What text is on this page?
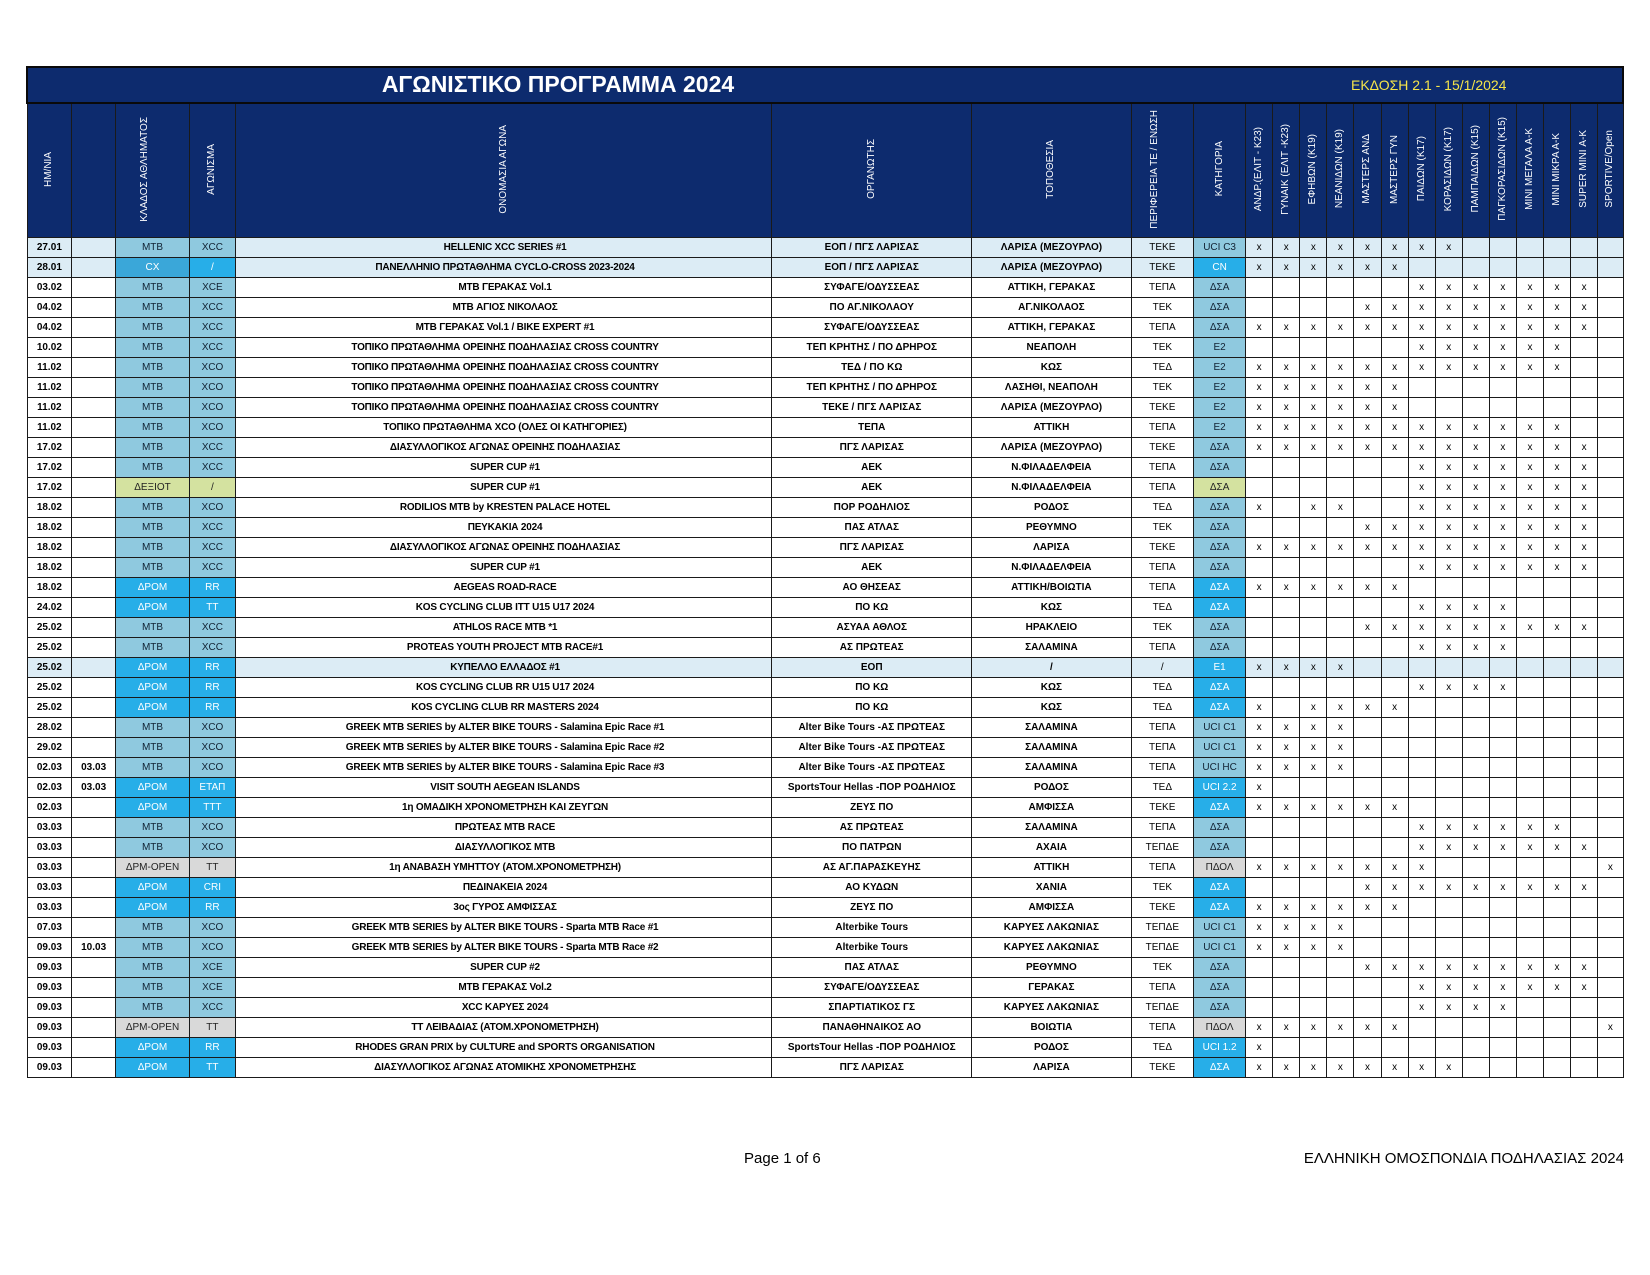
ΑΓΩΝΙΣΤΙΚΟ ΠΡΟΓΡΑΜΜΑ 2024 ΕΚΔΟΣΗ 2.1 - 15/1/2024																						

ΗΜ/ΝΙΑ		ΚΛΑΔΟΣ ΑΘΛΗΜΑΤΟΣ	ΑΓΩΝΙΣΜΑ	ΟΝΟΜΑΣΙΑ ΑΓΩΝΑ	ΟΡΓΑΝΩΤΗΣ	ΤΟΠΟΘΕΣΙΑ	ΠΕΡΙΦΕΡΕΙΑ ΤΕ / ΕΝΩΣΗ	ΚΑΤΗΓΟΡΙΑ	ΑΝΔΡ.(ΕΛΙΤ - Κ23)	ΓΥΝΑΙΚ (ΕΛΙΤ -Κ23)	ΕΦΗΒΩΝ (Κ19)	ΝΕΑΝΙΔΩΝ (Κ19)	ΜΑΣΤΕΡΣ ΑΝΔ	ΜΑΣΤΕΡΣ ΓΥΝ	ΠΑΙΔΩΝ (Κ17)	ΚΟΡΑΣΙΔΩΝ (Κ17)	ΠΑΜΠΑΙΔΩΝ (Κ15)	ΠΑΓΚΟΡΑΣΙΔΩΝ (Κ15)	ΜΙΝΙ ΜΕΓΑΛΑ Α-Κ	ΜΙΝΙ ΜΙΚΡΑ Α-Κ	SUPER MINI Α-Κ	SPORTIVE/Open
27.01		MTB	XCC	HELLENIC XCC SERIES #1	ΕΟΠ / ΠΓΣ ΛΑΡΙΣΑΣ	ΛΑΡΙΣΑ (ΜΕΖΟΥΡΛΟ)	ΤΕΚΕ	UCI C3	x	x	x	x	x	x	x	x						
28.01		CX	/	ΠΑΝΕΛΛΗΝΙΟ ΠΡΩΤΑΘΛΗΜΑ CYCLO-CROSS 2023-2024	ΕΟΠ / ΠΓΣ ΛΑΡΙΣΑΣ	ΛΑΡΙΣΑ (ΜΕΖΟΥΡΛΟ)	ΤΕΚΕ	CN	x	x	x	x	x	x								
03.02		MTB	XCE	MTB ΓΕΡΑΚΑΣ Vol.1	ΣΥΦΑΓΕ/ΟΔΥΣΣΕΑΣ	ΑΤΤΙΚΗ, ΓΕΡΑΚΑΣ	ΤΕΠΑ	ΔΣΑ							x	x	x	x	x	x	x	
04.02		MTB	XCC	MTB ΑΓΙΟΣ ΝΙΚΟΛΑΟΣ	ΠΟ ΑΓ.ΝΙΚΟΛΑΟΥ	ΑΓ.ΝΙΚΟΛΑΟΣ	ΤΕΚ	ΔΣΑ					x	x	x	x	x	x	x	x	x	
04.02		MTB	XCC	MTB ΓΕΡΑΚΑΣ Vol.1 / BIKE EXPERT #1	ΣΥΦΑΓΕ/ΟΔΥΣΣΕΑΣ	ΑΤΤΙΚΗ, ΓΕΡΑΚΑΣ	ΤΕΠΑ	ΔΣΑ	x	x	x	x	x	x	x	x	x	x	x	x	x	
10.02		MTB	XCC	ΤΟΠΙΚΟ ΠΡΩΤΑΘΛΗΜΑ ΟΡΕΙΝΗΣ ΠΟΔΗΛΑΣΙΑΣ CROSS COUNTRY	ΤΕΠ ΚΡΗΤΗΣ / ΠΟ ΔΡΗΡΟΣ	ΝΕΑΠΟΛΗ	ΤΕΚ	Ε2							x	x	x	x	x	x		
11.02		MTB	XCO	ΤΟΠΙΚΟ ΠΡΩΤΑΘΛΗΜΑ ΟΡΕΙΝΗΣ ΠΟΔΗΛΑΣΙΑΣ CROSS COUNTRY	ΤΕΔ / ΠΟ ΚΩ	ΚΩΣ	ΤΕΔ	Ε2	x	x	x	x	x	x	x	x	x	x	x	x		
11.02		MTB	XCO	ΤΟΠΙΚΟ ΠΡΩΤΑΘΛΗΜΑ ΟΡΕΙΝΗΣ ΠΟΔΗΛΑΣΙΑΣ CROSS COUNTRY	ΤΕΠ ΚΡΗΤΗΣ / ΠΟ ΔΡΗΡΟΣ	ΛΑΣΗΘΙ, ΝΕΑΠΟΛΗ	ΤΕΚ	Ε2	x	x	x	x	x	x								
11.02		MTB	XCO	ΤΟΠΙΚΟ ΠΡΩΤΑΘΛΗΜΑ ΟΡΕΙΝΗΣ ΠΟΔΗΛΑΣΙΑΣ CROSS COUNTRY	ΤΕΚΕ / ΠΓΣ ΛΑΡΙΣΑΣ	ΛΑΡΙΣΑ (ΜΕΖΟΥΡΛΟ)	ΤΕΚΕ	Ε2	x	x	x	x	x	x								
11.02		MTB	XCO	ΤΟΠΙΚΟ ΠΡΩΤΑΘΛΗΜΑ XCO (ΟΛΕΣ ΟΙ ΚΑΤΗΓΟΡΙΕΣ)	ΤΕΠΑ	ΑΤΤΙΚΗ	ΤΕΠΑ	Ε2	x	x	x	x	x	x	x	x	x	x	x	x		
17.02		MTB	XCC	ΔΙΑΣΥΛΛΟΓΙΚΟΣ ΑΓΩΝΑΣ ΟΡΕΙΝΗΣ ΠΟΔΗΛΑΣΙΑΣ	ΠΓΣ ΛΑΡΙΣΑΣ	ΛΑΡΙΣΑ (ΜΕΖΟΥΡΛΟ)	ΤΕΚΕ	ΔΣΑ	x	x	x	x	x	x	x	x	x	x	x	x	x	
17.02		MTB	XCC	SUPER CUP #1	ΑΕΚ	Ν.ΦΙΛΑΔΕΛΦΕΙΑ	ΤΕΠΑ	ΔΣΑ							x	x	x	x	x	x	x	
17.02		ΔΕΞΙΟΤ	/	SUPER CUP #1	ΑΕΚ	Ν.ΦΙΛΑΔΕΛΦΕΙΑ	ΤΕΠΑ	ΔΣΑ							x	x	x	x	x	x	x	
18.02		MTB	XCO	RODILIOS MTB by KRESTEN PALACE HOTEL	ΠΟΡ ΡΟΔΗΛΙΟΣ	ΡΟΔΟΣ	ΤΕΔ	ΔΣΑ	x		x	x			x	x	x	x	x	x	x	
18.02		MTB	XCC	ΠΕΥΚΑΚΙΑ 2024	ΠΑΣ ΑΤΛΑΣ	ΡΕΘΥΜΝΟ	ΤΕΚ	ΔΣΑ					x	x	x	x	x	x	x	x	x	
18.02		MTB	XCC	ΔΙΑΣΥΛΛΟΓΙΚΟΣ ΑΓΩΝΑΣ ΟΡΕΙΝΗΣ ΠΟΔΗΛΑΣΙΑΣ	ΠΓΣ ΛΑΡΙΣΑΣ	ΛΑΡΙΣΑ	ΤΕΚΕ	ΔΣΑ	x	x	x	x	x	x	x	x	x	x	x	x	x	
18.02		MTB	XCC	SUPER CUP #1	ΑΕΚ	Ν.ΦΙΛΑΔΕΛΦΕΙΑ	ΤΕΠΑ	ΔΣΑ							x	x	x	x	x	x	x	
18.02		ΔΡΟΜ	RR	AEGEAS ROAD-RACE	ΑΟ ΘΗΣΕΑΣ	ΑΤΤΙΚΗ/ΒΟΙΩΤΙΑ	ΤΕΠΑ	ΔΣΑ	x	x	x	x	x	x								
24.02		ΔΡΟΜ	TT	KOS CYCLING CLUB ITT U15 U17 2024	ΠΟ ΚΩ	ΚΩΣ	ΤΕΔ	ΔΣΑ							x	x	x	x				
25.02		MTB	XCC	ATHLOS RACE MTB *1	ΑΣΥΑΑ ΑΘΛΟΣ	ΗΡΑΚΛΕΙΟ	ΤΕΚ	ΔΣΑ					x	x	x	x	x	x	x	x	x	
25.02		MTB	XCC	PROTEAS YOUTH PROJECT MTB RACE#1	ΑΣ ΠΡΩΤΕΑΣ	ΣΑΛΑΜΙΝΑ	ΤΕΠΑ	ΔΣΑ							x	x	x	x				
25.02		ΔΡΟΜ	RR	ΚΥΠΕΛΛΟ ΕΛΛΑΔΟΣ #1	ΕΟΠ	/	/	Ε1	x	x	x	x										
25.02		ΔΡΟΜ	RR	KOS CYCLING CLUB RR U15 U17 2024	ΠΟ ΚΩ	ΚΩΣ	ΤΕΔ	ΔΣΑ							x	x	x	x				
25.02		ΔΡΟΜ	RR	KOS CYCLING CLUB RR MASTERS 2024	ΠΟ ΚΩ	ΚΩΣ	ΤΕΔ	ΔΣΑ	x		x	x	x	x								
28.02		MTB	XCO	GREEK MTB SERIES by ALTER BIKE TOURS - Salamina Epic Race #1	Alter Bike Tours -ΑΣ ΠΡΩΤΕΑΣ	ΣΑΛΑΜΙΝΑ	ΤΕΠΑ	UCI C1	x	x	x	x										
29.02		MTB	XCO	GREEK MTB SERIES by ALTER BIKE TOURS - Salamina Epic Race #2	Alter Bike Tours -ΑΣ ΠΡΩΤΕΑΣ	ΣΑΛΑΜΙΝΑ	ΤΕΠΑ	UCI C1	x	x	x	x										
02.03	03.03	MTB	XCO	GREEK MTB SERIES by ALTER BIKE TOURS - Salamina Epic Race #3	Alter Bike Tours -ΑΣ ΠΡΩΤΕΑΣ	ΣΑΛΑΜΙΝΑ	ΤΕΠΑ	UCI HC	x	x	x	x										
02.03	03.03	ΔΡΟΜ	ΕΤΑΠ	VISIT SOUTH AEGEAN ISLANDS	SportsTour Hellas -ΠΟΡ ΡΟΔΗΛΙΟΣ	ΡΟΔΟΣ	ΤΕΔ	UCI 2.2	x													
02.03		ΔΡΟΜ	TTT	1η ΟΜΑΔΙΚΗ ΧΡΟΝΟΜΕΤΡΗΣΗ ΚΑΙ ΖΕΥΓΩΝ	ΖΕΥΣ ΠΟ	ΑΜΦΙΣΣΑ	ΤΕΚΕ	ΔΣΑ	x	x	x	x	x	x								
03.03		MTB	XCO	ΠΡΩΤΕΑΣ MTB RACE	ΑΣ ΠΡΩΤΕΑΣ	ΣΑΛΑΜΙΝΑ	ΤΕΠΑ	ΔΣΑ							x	x	x	x	x	x		
03.03		MTB	XCO	ΔΙΑΣΥΛΛΟΓΙΚΟΣ MTB	ΠΟ ΠΑΤΡΩΝ	ΑΧΑΙΑ	ΤΕΠΔΕ	ΔΣΑ							x	x	x	x	x	x	x	
03.03		ΔΡΜ-OPEN	TT	1η ΑΝΑΒΑΣΗ ΥΜΗΤΤΟΥ (ΑΤΟΜ.ΧΡΟΝΟΜΕΤΡΗΣΗ)	ΑΣ ΑΓ.ΠΑΡΑΣΚΕΥΗΣ	ΑΤΤΙΚΗ	ΤΕΠΑ	ΠΔΟΛ	x	x	x	x	x	x	x							x
03.03		ΔΡΟΜ	CRI	ΠΕΔΙΝΑΚΕΙΑ 2024	ΑΟ ΚΥΔΩΝ	ΧΑΝΙΑ	ΤΕΚ	ΔΣΑ					x	x	x	x	x	x	x	x	x	
03.03		ΔΡΟΜ	RR	3ος ΓΥΡΟΣ ΑΜΦΙΣΣΑΣ	ΖΕΥΣ ΠΟ	ΑΜΦΙΣΣΑ	ΤΕΚΕ	ΔΣΑ	x	x	x	x	x	x								
07.03		MTB	XCO	GREEK MTB SERIES by ALTER BIKE TOURS - Sparta MTB Race #1	Alterbike Tours	ΚΑΡΥΕΣ ΛΑΚΩΝΙΑΣ	ΤΕΠΔΕ	UCI C1	x	x	x	x										
09.03	10.03	MTB	XCO	GREEK MTB SERIES by ALTER BIKE TOURS - Sparta MTB Race #2	Alterbike Tours	ΚΑΡΥΕΣ ΛΑΚΩΝΙΑΣ	ΤΕΠΔΕ	UCI C1	x	x	x	x										
09.03		MTB	XCE	SUPER CUP #2	ΠΑΣ ΑΤΛΑΣ	ΡΕΘΥΜΝΟ	ΤΕΚ	ΔΣΑ					x	x	x	x	x	x	x	x	x	
09.03		MTB	XCE	MTB ΓΕΡΑΚΑΣ Vol.2	ΣΥΦΑΓΕ/ΟΔΥΣΣΕΑΣ	ΓΕΡΑΚΑΣ	ΤΕΠΑ	ΔΣΑ							x	x	x	x	x	x	x	
09.03		MTB	XCC	XCC ΚΑΡΥΕΣ 2024	ΣΠΑΡΤΙΑΤΙΚΟΣ ΓΣ	ΚΑΡΥΕΣ ΛΑΚΩΝΙΑΣ	ΤΕΠΔΕ	ΔΣΑ							x	x	x	x				
09.03		ΔΡΜ-OPEN	TT	TT ΛΕΙΒΑΔΙΑΣ (ΑΤΟΜ.ΧΡΟΝΟΜΕΤΡΗΣΗ)	ΠΑΝΑΘΗΝΑΙΚΟΣ ΑΟ	ΒΟΙΩΤΙΑ	ΤΕΠΑ	ΠΔΟΛ	x	x	x	x	x	x								x
09.03		ΔΡΟΜ	RR	RHODES GRAN PRIX by CULTURE and SPORTS ORGANISATION	SportsTour Hellas -ΠΟΡ ΡΟΔΗΛΙΟΣ	ΡΟΔΟΣ	ΤΕΔ	UCI 1.2	x													
09.03		ΔΡΟΜ	TT	ΔΙΑΣΥΛΛΟΓΙΚΟΣ ΑΓΩΝΑΣ ΑΤΟΜΙΚΗΣ ΧΡΟΝΟΜΕΤΡΗΣΗΣ	ΠΓΣ ΛΑΡΙΣΑΣ	ΛΑΡΙΣΑ	ΤΕΚΕ	ΔΣΑ	x	x	x	x	x	x	x	x						
Page 1 of 6	ΕΛΛΗΝΙΚΗ ΟΜΟΣΠΟΝΔΙΑ ΠΟΔΗΛΑΣΙΑΣ 2024
